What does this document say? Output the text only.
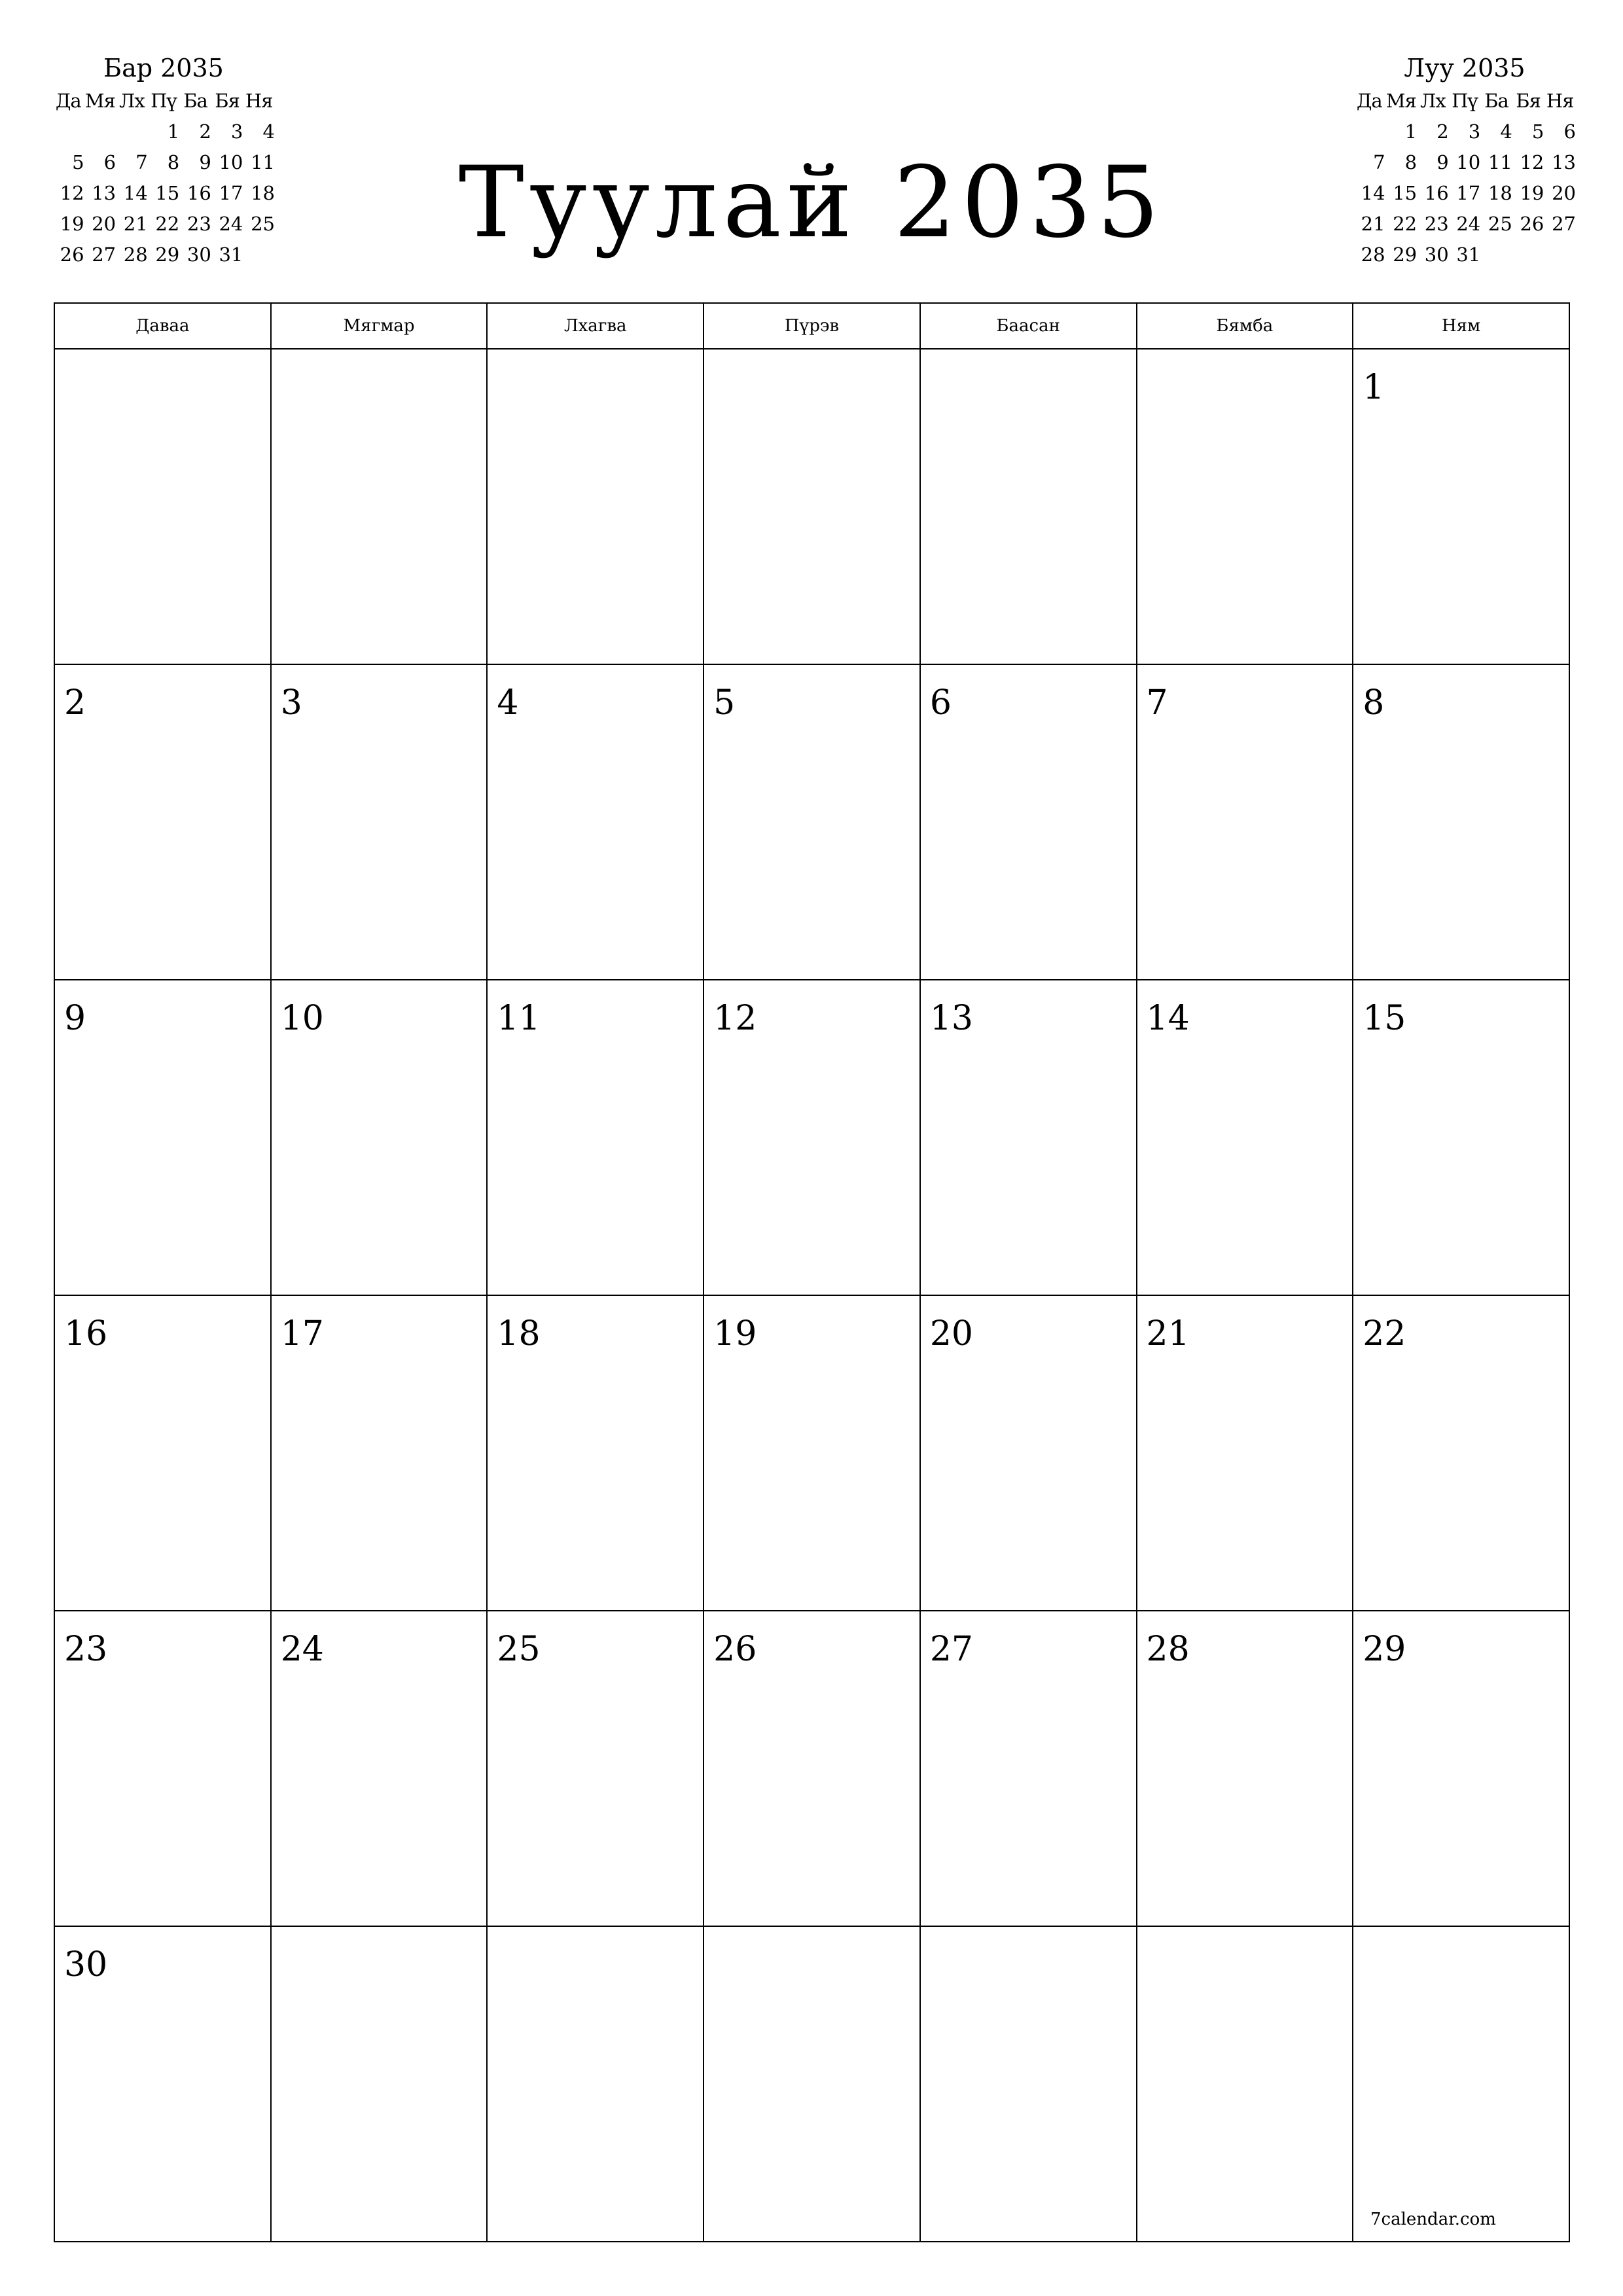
Бар 2035
Да	Мя	Лх	Пү	Ба	Бя	Ня
			1	2	3	4
5	6	7	8	9	10	11
12	13	14	15	16	17	18
19	20	21	22	23	24	25
26	27	28	29	30	31		Туулай 2035
Луу 2035
Да	Мя	Лх	Пү	Ба	Бя	Ня
	1	2	3	4	5	6
7	8	9	10	11	12	13
14	15	16	17	18	19	20
21	22	23	24	25	26	27
28	29	30	31			
Даваа	Мягмар	Лхагва	Пүрэв	Баасан	Бямба	Ням

						1

2	3	4	5	6	7	8

9	10	11	12	13	14	15

16	17	18	19	20	21	22

23	24	25	26	27	28	29

30						

7calendar.com
